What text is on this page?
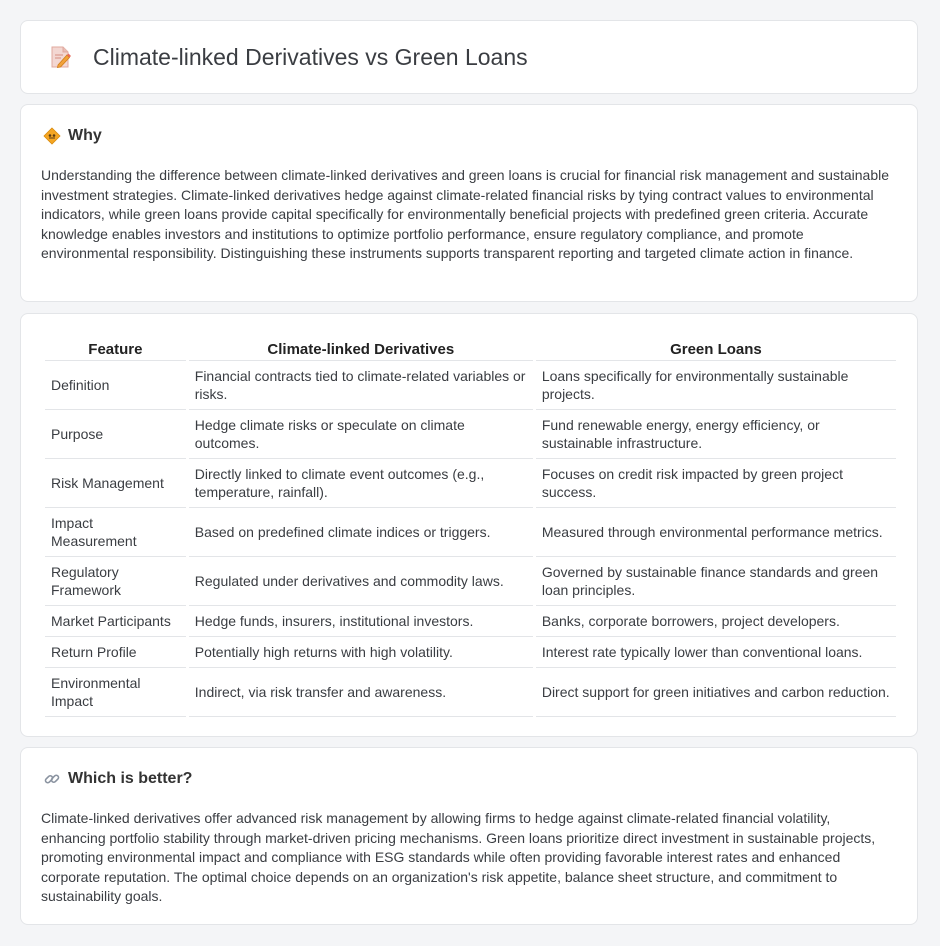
Climate-linked Derivatives vs Green Loans
Why

Understanding the difference between climate-linked derivatives and green loans is crucial for financial risk management and sustainable investment strategies. Climate-linked derivatives hedge against climate-related financial risks by tying contract values to environmental indicators, while green loans provide capital specifically for environmentally beneficial projects with predefined green criteria. Accurate knowledge enables investors and institutions to optimize portfolio performance, ensure regulatory compliance, and promote environmental responsibility. Distinguishing these instruments supports transparent reporting and targeted climate action in finance.

Feature	Climate-linked Derivatives	Green Loans
Definition	Financial contracts tied to climate-related variables or risks.	Loans specifically for environmentally sustainable projects.
Purpose	Hedge climate risks or speculate on climate outcomes.	Fund renewable energy, energy efficiency, or sustainable infrastructure.
Risk Management	Directly linked to climate event outcomes (e.g., temperature, rainfall).	Focuses on credit risk impacted by green project success.
Impact Measurement	Based on predefined climate indices or triggers.	Measured through environmental performance metrics.
Regulatory Framework	Regulated under derivatives and commodity laws.	Governed by sustainable finance standards and green loan principles.
Market Participants	Hedge funds, insurers, institutional investors.	Banks, corporate borrowers, project developers.
Return Profile	Potentially high returns with high volatility.	Interest rate typically lower than conventional loans.
Environmental Impact	Indirect, via risk transfer and awareness.	Direct support for green initiatives and carbon reduction.
Which is better?

Climate-linked derivatives offer advanced risk management by allowing firms to hedge against climate-related financial volatility, enhancing portfolio stability through market-driven pricing mechanisms. Green loans prioritize direct investment in sustainable projects, promoting environmental impact and compliance with ESG standards while often providing favorable interest rates and enhanced corporate reputation. The optimal choice depends on an organization's risk appetite, balance sheet structure, and commitment to sustainability goals.
